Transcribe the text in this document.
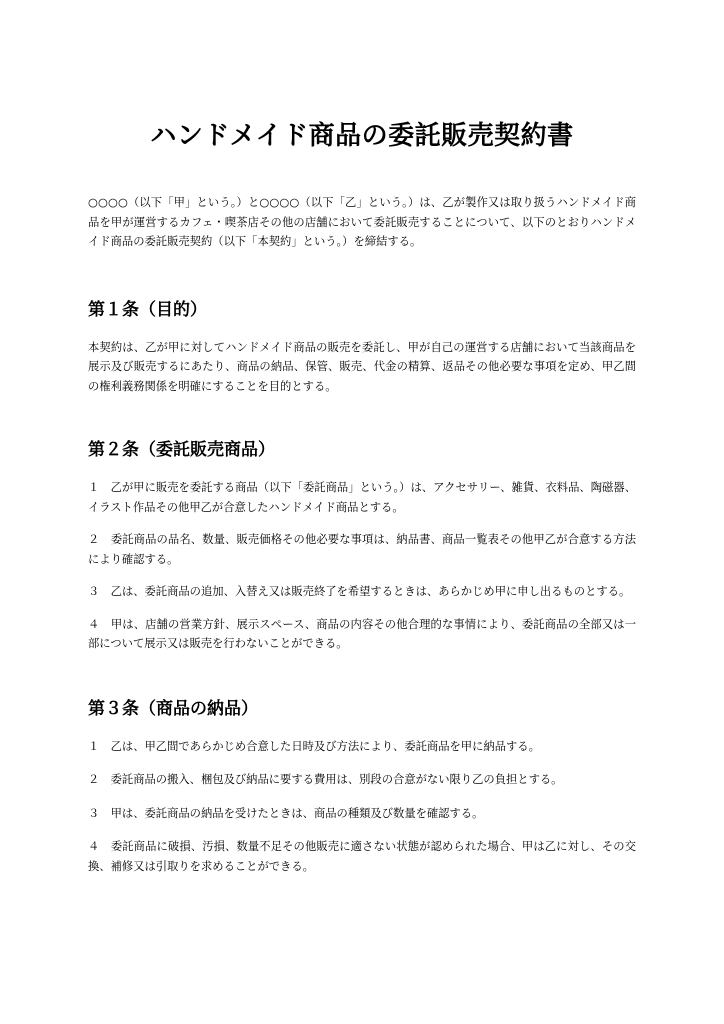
ハンドメイド商品の委託販売契約書

○○○○（以下「甲」という。）と○○○○（以下「乙」という。）は、乙が製作又は取り扱うハンドメイド商品を甲が運営するカフェ・喫茶店その他の店舗において委託販売することについて、以下のとおりハンドメイド商品の委託販売契約（以下「本契約」という。）を締結する。

第１条（目的）

本契約は、乙が甲に対してハンドメイド商品の販売を委託し、甲が自己の運営する店舗において当該商品を展示及び販売するにあたり、商品の納品、保管、販売、代金の精算、返品その他必要な事項を定め、甲乙間の権利義務関係を明確にすることを目的とする。

第２条（委託販売商品）

１　乙が甲に販売を委託する商品（以下「委託商品」という。）は、アクセサリー、雑貨、衣料品、陶磁器、イラスト作品その他甲乙が合意したハンドメイド商品とする。

２　委託商品の品名、数量、販売価格その他必要な事項は、納品書、商品一覧表その他甲乙が合意する方法により確認する。

３　乙は、委託商品の追加、入替え又は販売終了を希望するときは、あらかじめ甲に申し出るものとする。

４　甲は、店舗の営業方針、展示スペース、商品の内容その他合理的な事情により、委託商品の全部又は一部について展示又は販売を行わないことができる。

第３条（商品の納品）

１　乙は、甲乙間であらかじめ合意した日時及び方法により、委託商品を甲に納品する。

２　委託商品の搬入、梱包及び納品に要する費用は、別段の合意がない限り乙の負担とする。

３　甲は、委託商品の納品を受けたときは、商品の種類及び数量を確認する。

４　委託商品に破損、汚損、数量不足その他販売に適さない状態が認められた場合、甲は乙に対し、その交換、補修又は引取りを求めることができる。
